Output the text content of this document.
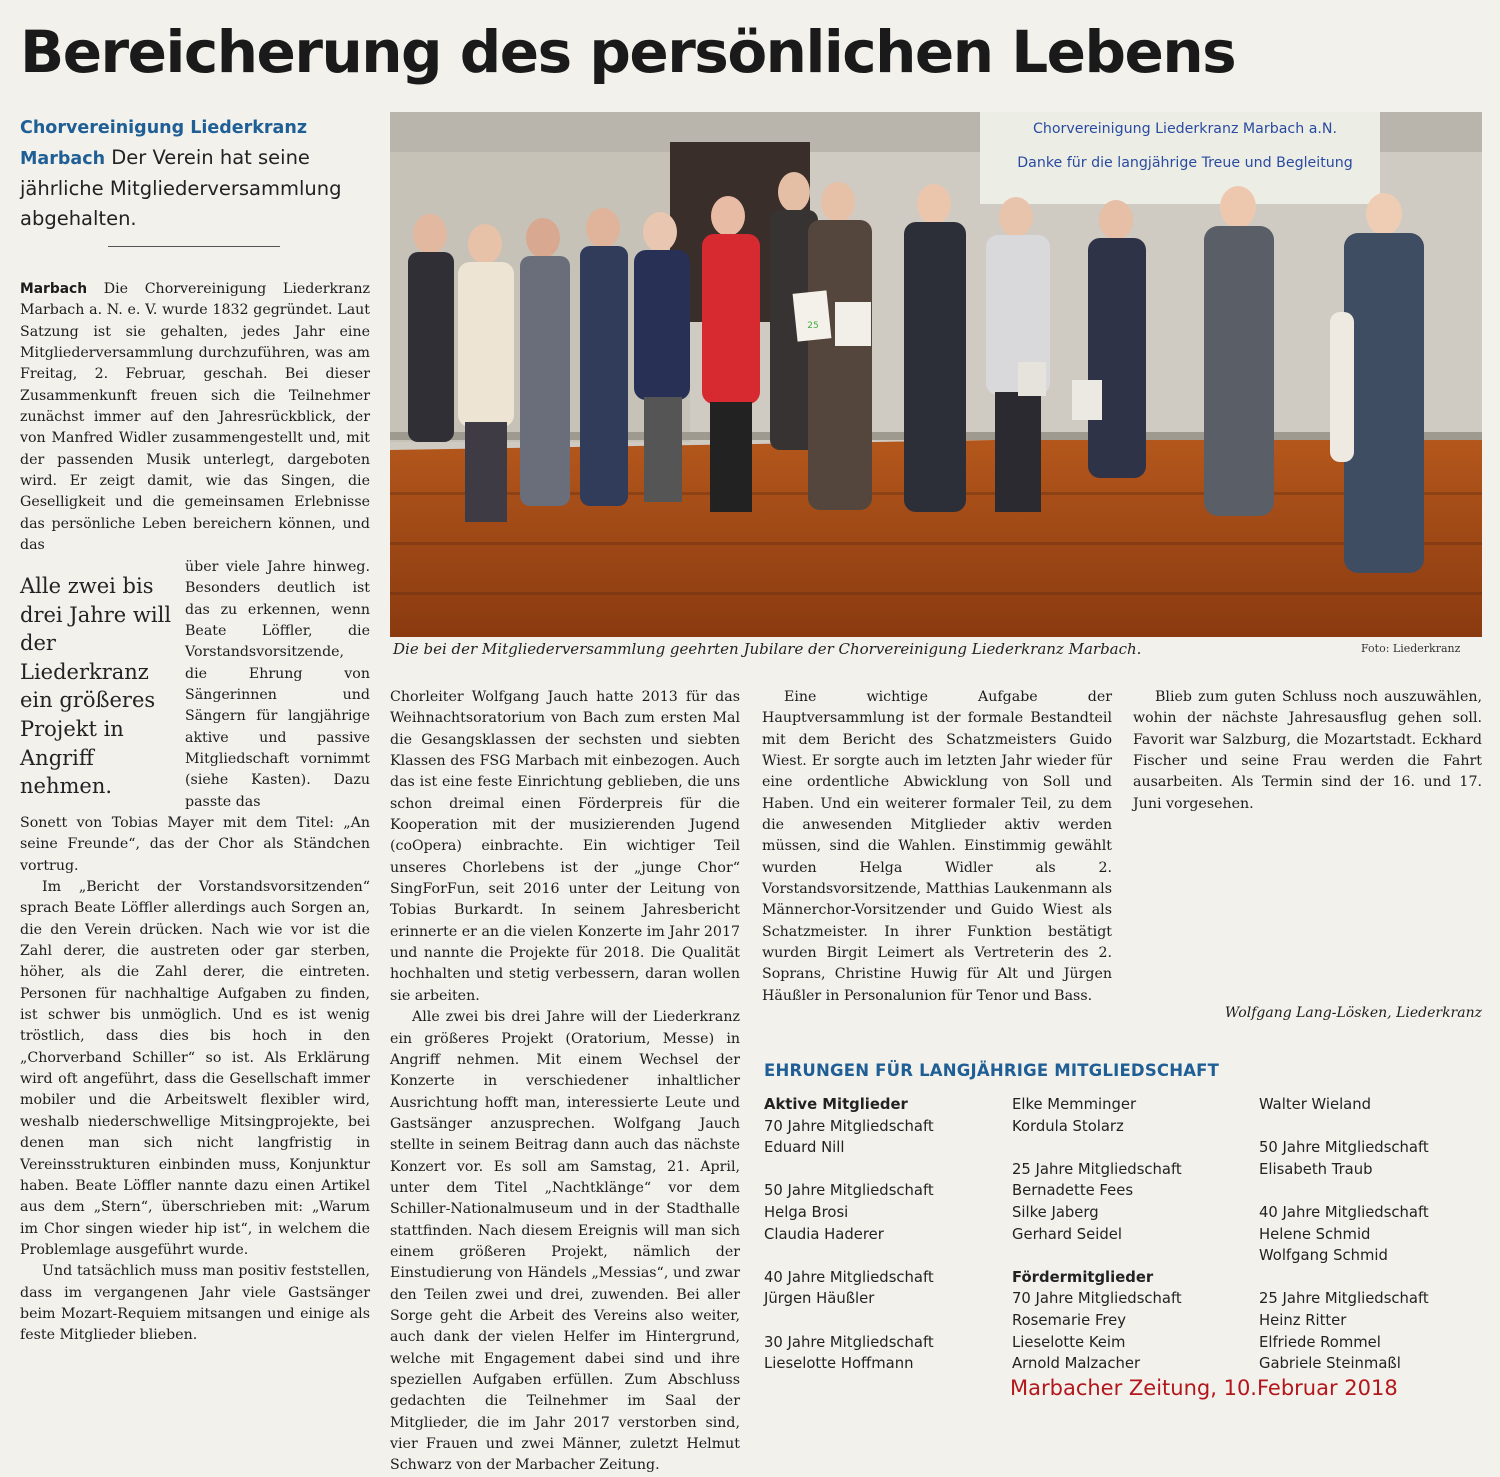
Bereicherung des persönlichen Lebens
Chorvereinigung Liederkranz
Marbach Der Verein hat seine jährliche Mitgliederversammlung abgehalten.

Marbach Die Chorvereinigung Liederkranz Marbach a. N. e. V. wurde 1832 gegründet. Laut Satzung ist sie gehalten, jedes Jahr eine Mitgliederversammlung durchzuführen, was am Freitag, 2. Februar, geschah. Bei dieser Zusammenkunft freuen sich die Teilnehmer zunächst immer auf den Jahresrückblick, der von Manfred Widler zusammengestellt und, mit der passenden Musik unterlegt, dargeboten wird. Er zeigt damit, wie das Singen, die Geselligkeit und die gemeinsamen Erlebnisse das persönliche Leben bereichern können, und das

Alle zwei bis drei Jahre will der Liederkranz ein größeres Projekt in Angriff nehmen.

über viele Jahre hinweg. Besonders deutlich ist das zu erkennen, wenn Beate Löffler, die Vorstandsvorsitzende, die Ehrung von Sängerinnen und Sängern für langjährige aktive und passive Mitgliedschaft vornimmt (siehe Kasten). Dazu passte das

Sonett von Tobias Mayer mit dem Titel: „An seine Freunde“, das der Chor als Ständchen vortrug.

Im „Bericht der Vorstandsvorsitzenden“ sprach Beate Löffler allerdings auch Sorgen an, die den Verein drücken. Nach wie vor ist die Zahl derer, die austreten oder gar sterben, höher, als die Zahl derer, die eintreten. Personen für nachhaltige Aufgaben zu finden, ist schwer bis unmöglich. Und es ist wenig tröstlich, dass dies bis hoch in den „Chorverband Schiller“ so ist. Als Erklärung wird oft angeführt, dass die Gesellschaft immer mobiler und die Arbeitswelt flexibler wird, weshalb niederschwellige Mitsingprojekte, bei denen man sich nicht langfristig in Vereinsstrukturen einbinden muss, Konjunktur haben. Beate Löffler nannte dazu einen Artikel aus dem „Stern“, überschrieben mit: „Warum im Chor singen wieder hip ist“, in welchem die Problemlage ausgeführt wurde.

Und tatsächlich muss man positiv feststellen, dass im vergangenen Jahr viele Gastsänger beim Mozart-Requiem mitsangen und einige als feste Mitglieder blieben.

25
Chorvereinigung Liederkranz Marbach a.N.
Danke für die langjährige Treue und Begleitung
Die bei der Mitgliederversammlung geehrten Jubilare der Chorvereinigung Liederkranz Marbach.	Foto: Liederkranz

Chorleiter Wolfgang Jauch hatte 2013 für das Weihnachtsoratorium von Bach zum ersten Mal die Gesangsklassen der sechsten und siebten Klassen des FSG Marbach mit einbezogen. Auch das ist eine feste Einrichtung geblieben, die uns schon dreimal einen Förderpreis für die Kooperation mit der musizierenden Jugend (coOpera) einbrachte. Ein wichtiger Teil unseres Chorlebens ist der „junge Chor“ SingForFun, seit 2016 unter der Leitung von Tobias Burkardt. In seinem Jahresbericht erinnerte er an die vielen Konzerte im Jahr 2017 und nannte die Projekte für 2018. Die Qualität hochhalten und stetig verbessern, daran wollen sie arbeiten.

Alle zwei bis drei Jahre will der Liederkranz ein größeres Projekt (Oratorium, Messe) in Angriff nehmen. Mit einem Wechsel der Konzerte in verschiedener inhaltlicher Ausrichtung hofft man, interessierte Leute und Gastsänger anzusprechen. Wolfgang Jauch stellte in seinem Beitrag dann auch das nächste Konzert vor. Es soll am Samstag, 21. April, unter dem Titel „Nachtklänge“ vor dem Schiller-Nationalmuseum und in der Stadthalle stattfinden. Nach diesem Ereignis will man sich einem größeren Projekt, nämlich der Einstudierung von Händels „Messias“, und zwar den Teilen zwei und drei, zuwenden. Bei aller Sorge geht die Arbeit des Vereins also weiter, auch dank der vielen Helfer im Hintergrund, welche mit Engagement dabei sind und ihre speziellen Aufgaben erfüllen. Zum Abschluss gedachten die Teilnehmer im Saal der Mitglieder, die im Jahr 2017 verstorben sind, vier Frauen und zwei Männer, zuletzt Helmut Schwarz von der Marbacher Zeitung.

Eine wichtige Aufgabe der Hauptversammlung ist der formale Bestandteil mit dem Bericht des Schatzmeisters Guido Wiest. Er sorgte auch im letzten Jahr wieder für eine ordentliche Abwicklung von Soll und Haben. Und ein weiterer formaler Teil, zu dem die anwesenden Mitglieder aktiv werden müssen, sind die Wahlen. Einstimmig gewählt wurden Helga Widler als 2. Vorstandsvorsitzende, Matthias Laukenmann als Männerchor-Vorsitzender und Guido Wiest als Schatzmeister. In ihrer Funktion bestätigt wurden Birgit Leimert als Vertreterin des 2. Soprans, Christine Huwig für Alt und Jürgen Häußler in Personalunion für Tenor und Bass.

Blieb zum guten Schluss noch auszuwählen, wohin der nächste Jahresausflug gehen soll. Favorit war Salzburg, die Mozartstadt. Eckhard Fischer und seine Frau werden die Fahrt ausarbeiten. Als Termin sind der 16. und 17. Juni vorgesehen.

Wolfgang Lang-Lösken, Liederkranz
EHRUNGEN FÜR LANGJÄHRIGE MITGLIEDSCHAFT
Aktive Mitglieder
70 Jahre Mitgliedschaft
Eduard Nill
50 Jahre Mitgliedschaft
Helga Brosi
Claudia Haderer
40 Jahre Mitgliedschaft
Jürgen Häußler
30 Jahre Mitgliedschaft
Lieselotte Hoffmann
Elke Memminger
Kordula Stolarz
25 Jahre Mitgliedschaft
Bernadette Fees
Silke Jaberg
Gerhard Seidel
Fördermitglieder
70 Jahre Mitgliedschaft
Rosemarie Frey
Lieselotte Keim
Arnold Malzacher
Walter Wieland
50 Jahre Mitgliedschaft
Elisabeth Traub
40 Jahre Mitgliedschaft
Helene Schmid
Wolfgang Schmid
25 Jahre Mitgliedschaft
Heinz Ritter
Elfriede Rommel
Gabriele Steinmaßl
Marbacher Zeitung, 10.Februar 2018
